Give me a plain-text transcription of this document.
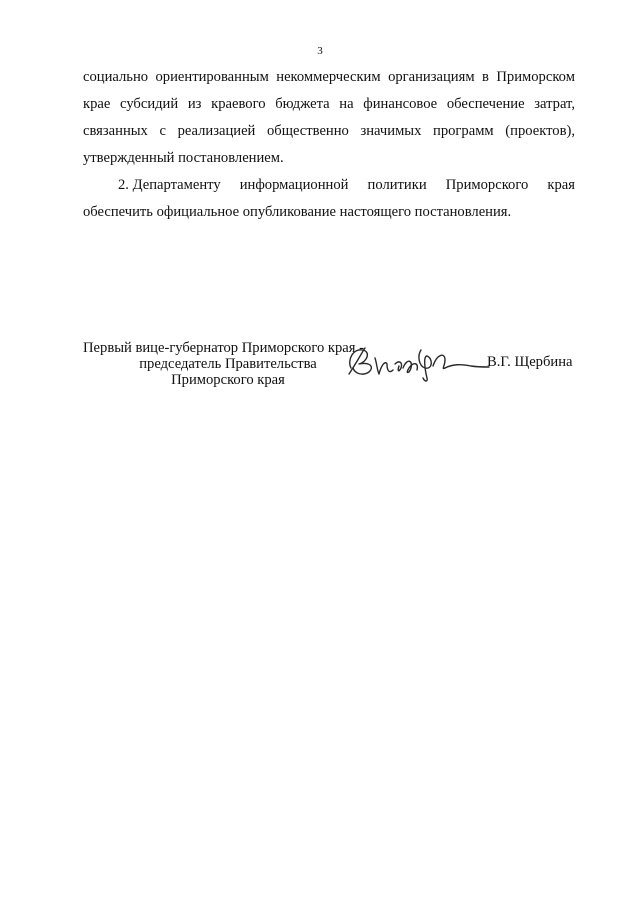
3
социально ориентированным некоммерческим организациям в Приморском
крае субсидий из краевого бюджета на финансовое обеспечение затрат,
связанных с реализацией общественно значимых программ (проектов),
утвержденный постановлением.
2. Департаменту информационной политики Приморского края
обеспечить официальное опубликование настоящего постановления.
Первый вице-губернатор Приморского края -
председатель Правительства
Приморского края
В.Г. Щербина
